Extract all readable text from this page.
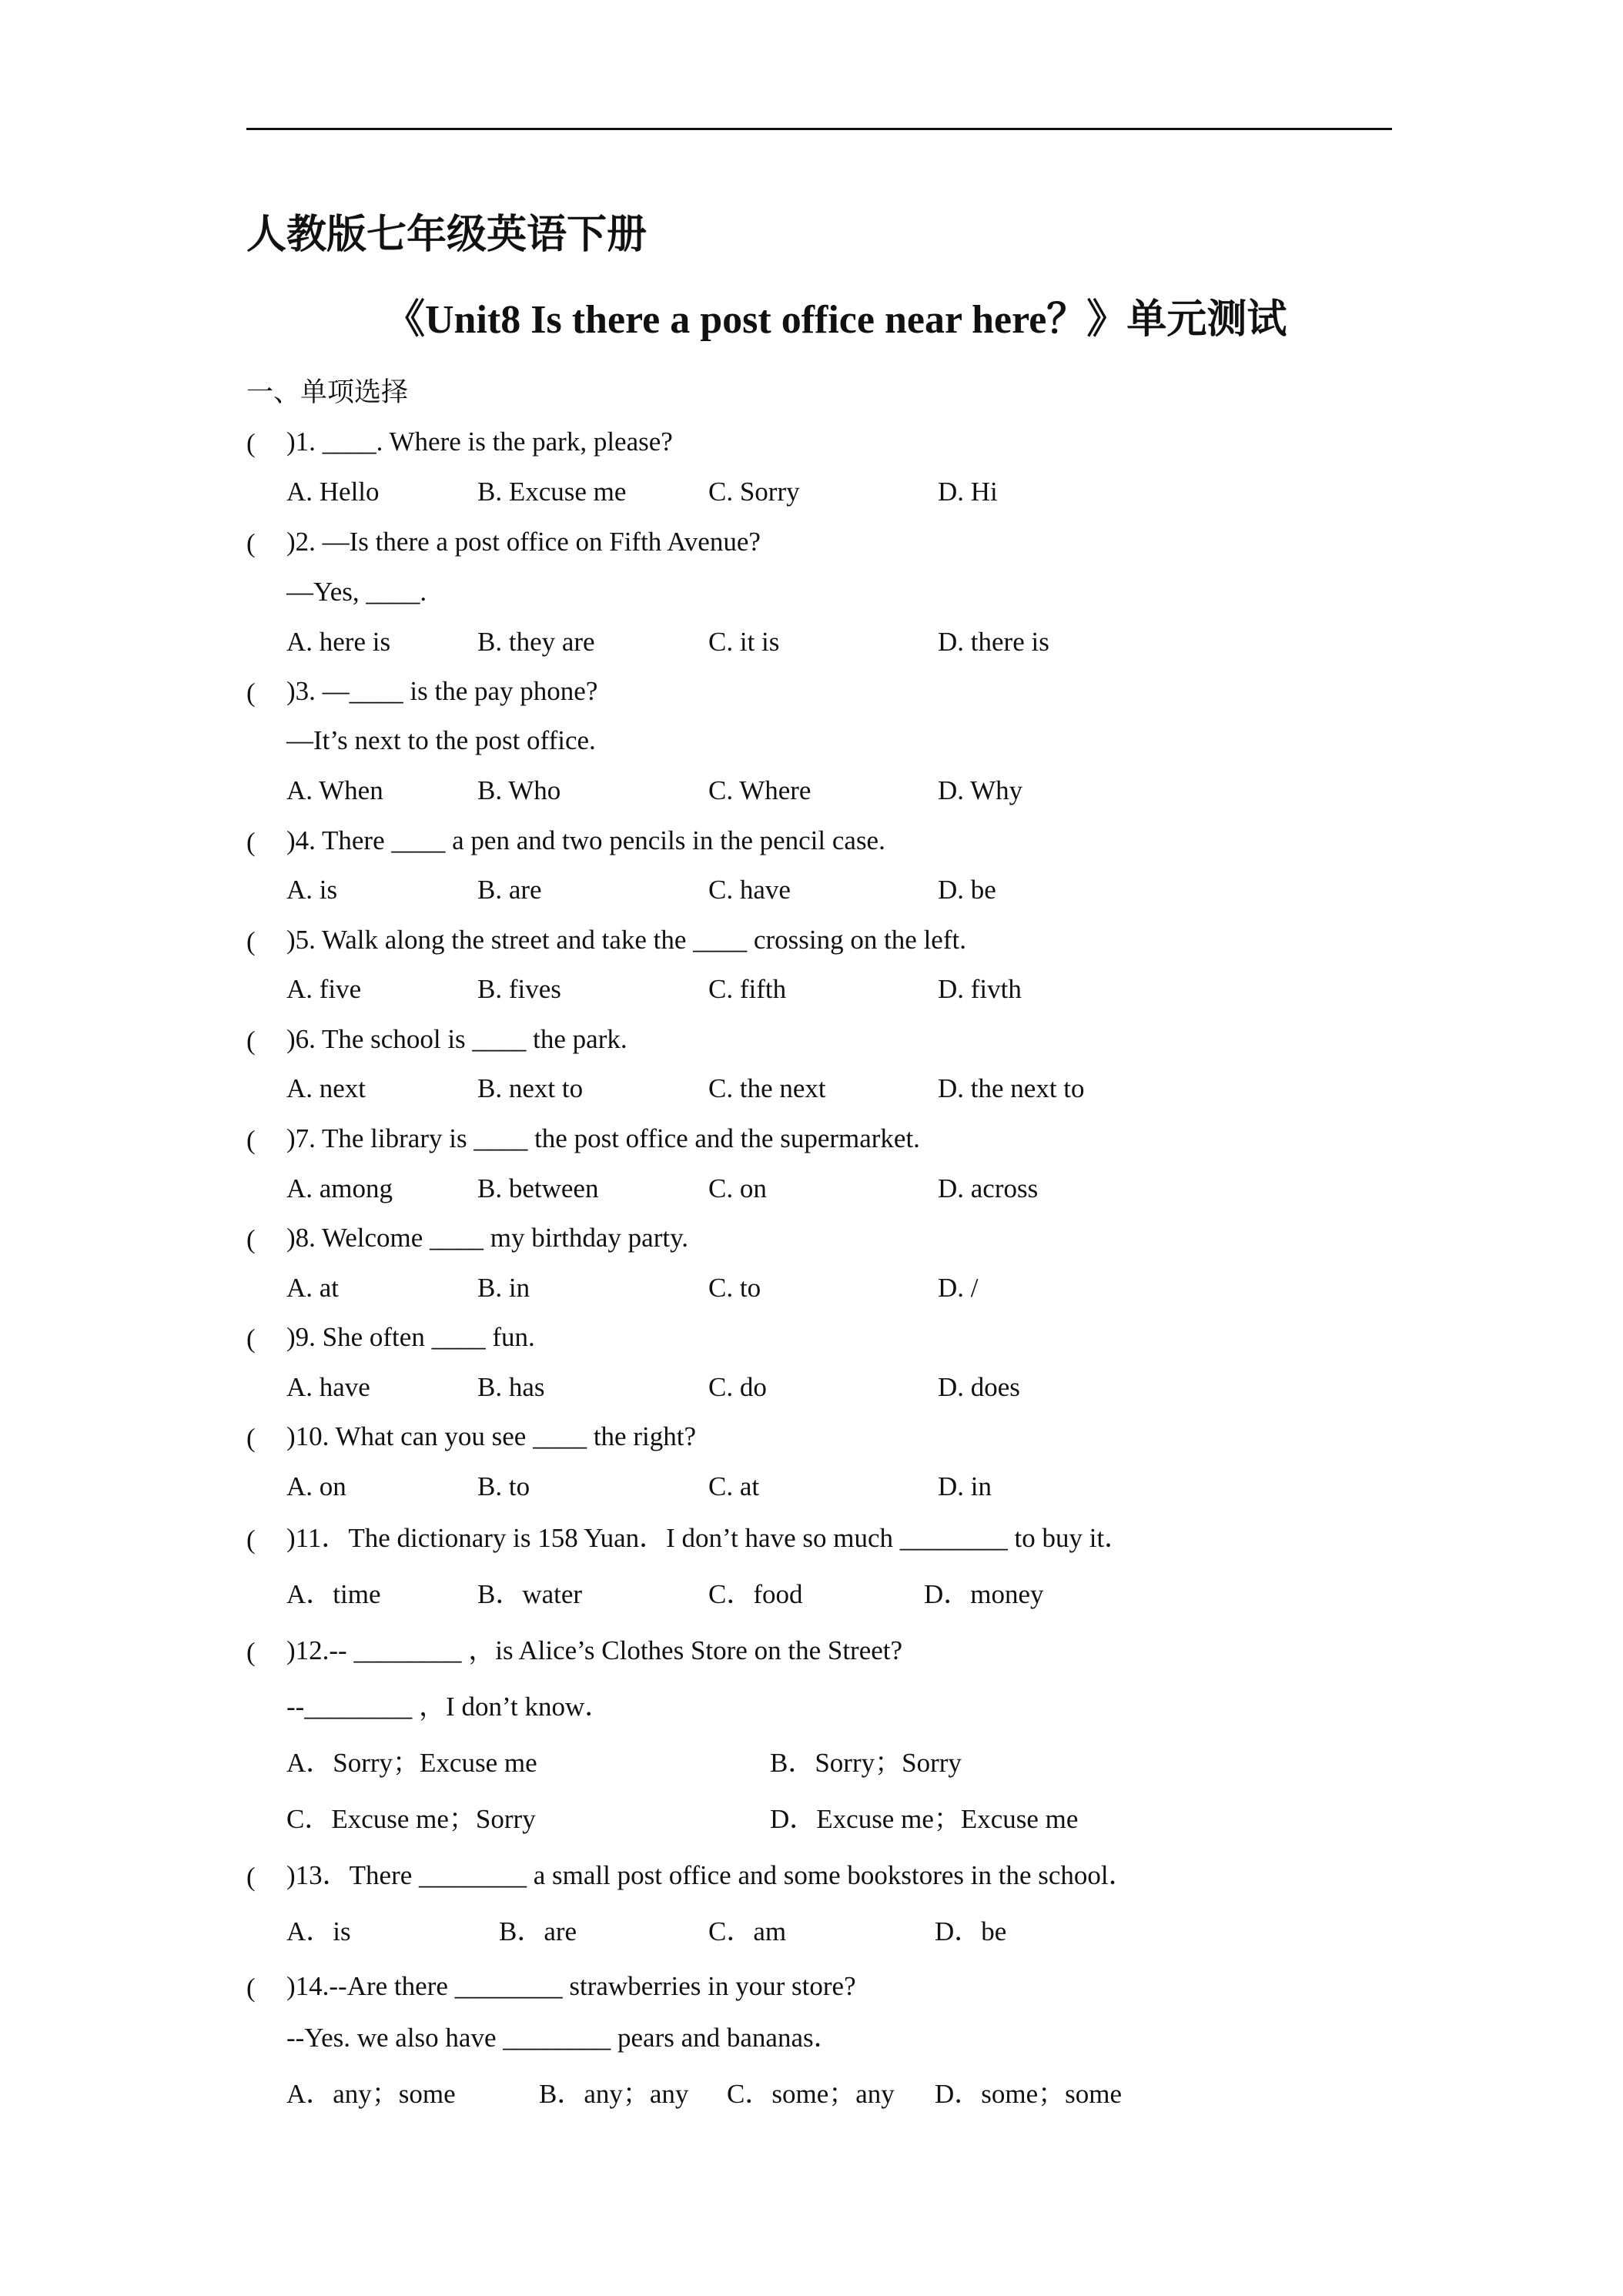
人教版七年级英语下册
《Unit8 Is there a post office near here？》单元测试
一、单项选择
( )1. ____. Where is the park, please?
A. Hello	B. Excuse me	C. Sorry	D. Hi
( )2. —Is there a post office on Fifth Avenue?
—Yes, ____.
A. here is	B. they are	C. it is	D. there is
( )3. —____ is the pay phone?
—It’s next to the post office.
A. When	B. Who	C. Where	D. Why
( )4. There ____ a pen and two pencils in the pencil case.
A. is	B. are	C. have	D. be
( )5. Walk along the street and take the ____ crossing on the left.
A. five	B. fives	C. fifth	D. fivth
( )6. The school is ____ the park.
A. next	B. next to	C. the next	D. the next to
( )7. The library is ____ the post office and the supermarket.
A. among	B. between	C. on	D. across
( )8. Welcome ____ my birthday party.
A. at	B. in	C. to	D. /
( )9. She often ____ fun.
A. have	B. has	C. do	D. does
( )10. What can you see ____ the right?
A. on	B. to	C. at	D. in
( )11．The dictionary is 158 Yuan．I don’t have so much ________ to buy it．
A．time	B．water	C．food	D．money
( )12.-- ________ ，is Alice’s Clothes Store on the Street?
--________ ，I don’t know．
A．Sorry；Excuse me	B．Sorry；Sorry
C．Excuse me；Sorry	D．Excuse me；Excuse me
( )13．There ________ a small post office and some bookstores in the school．
A．is	B．are	C．am	D．be
( )14.--Are there ________ strawberries in your store?
--Yes. we also have ________ pears and bananas．
A．any；some	B．any；any C．some；any D．some；some
